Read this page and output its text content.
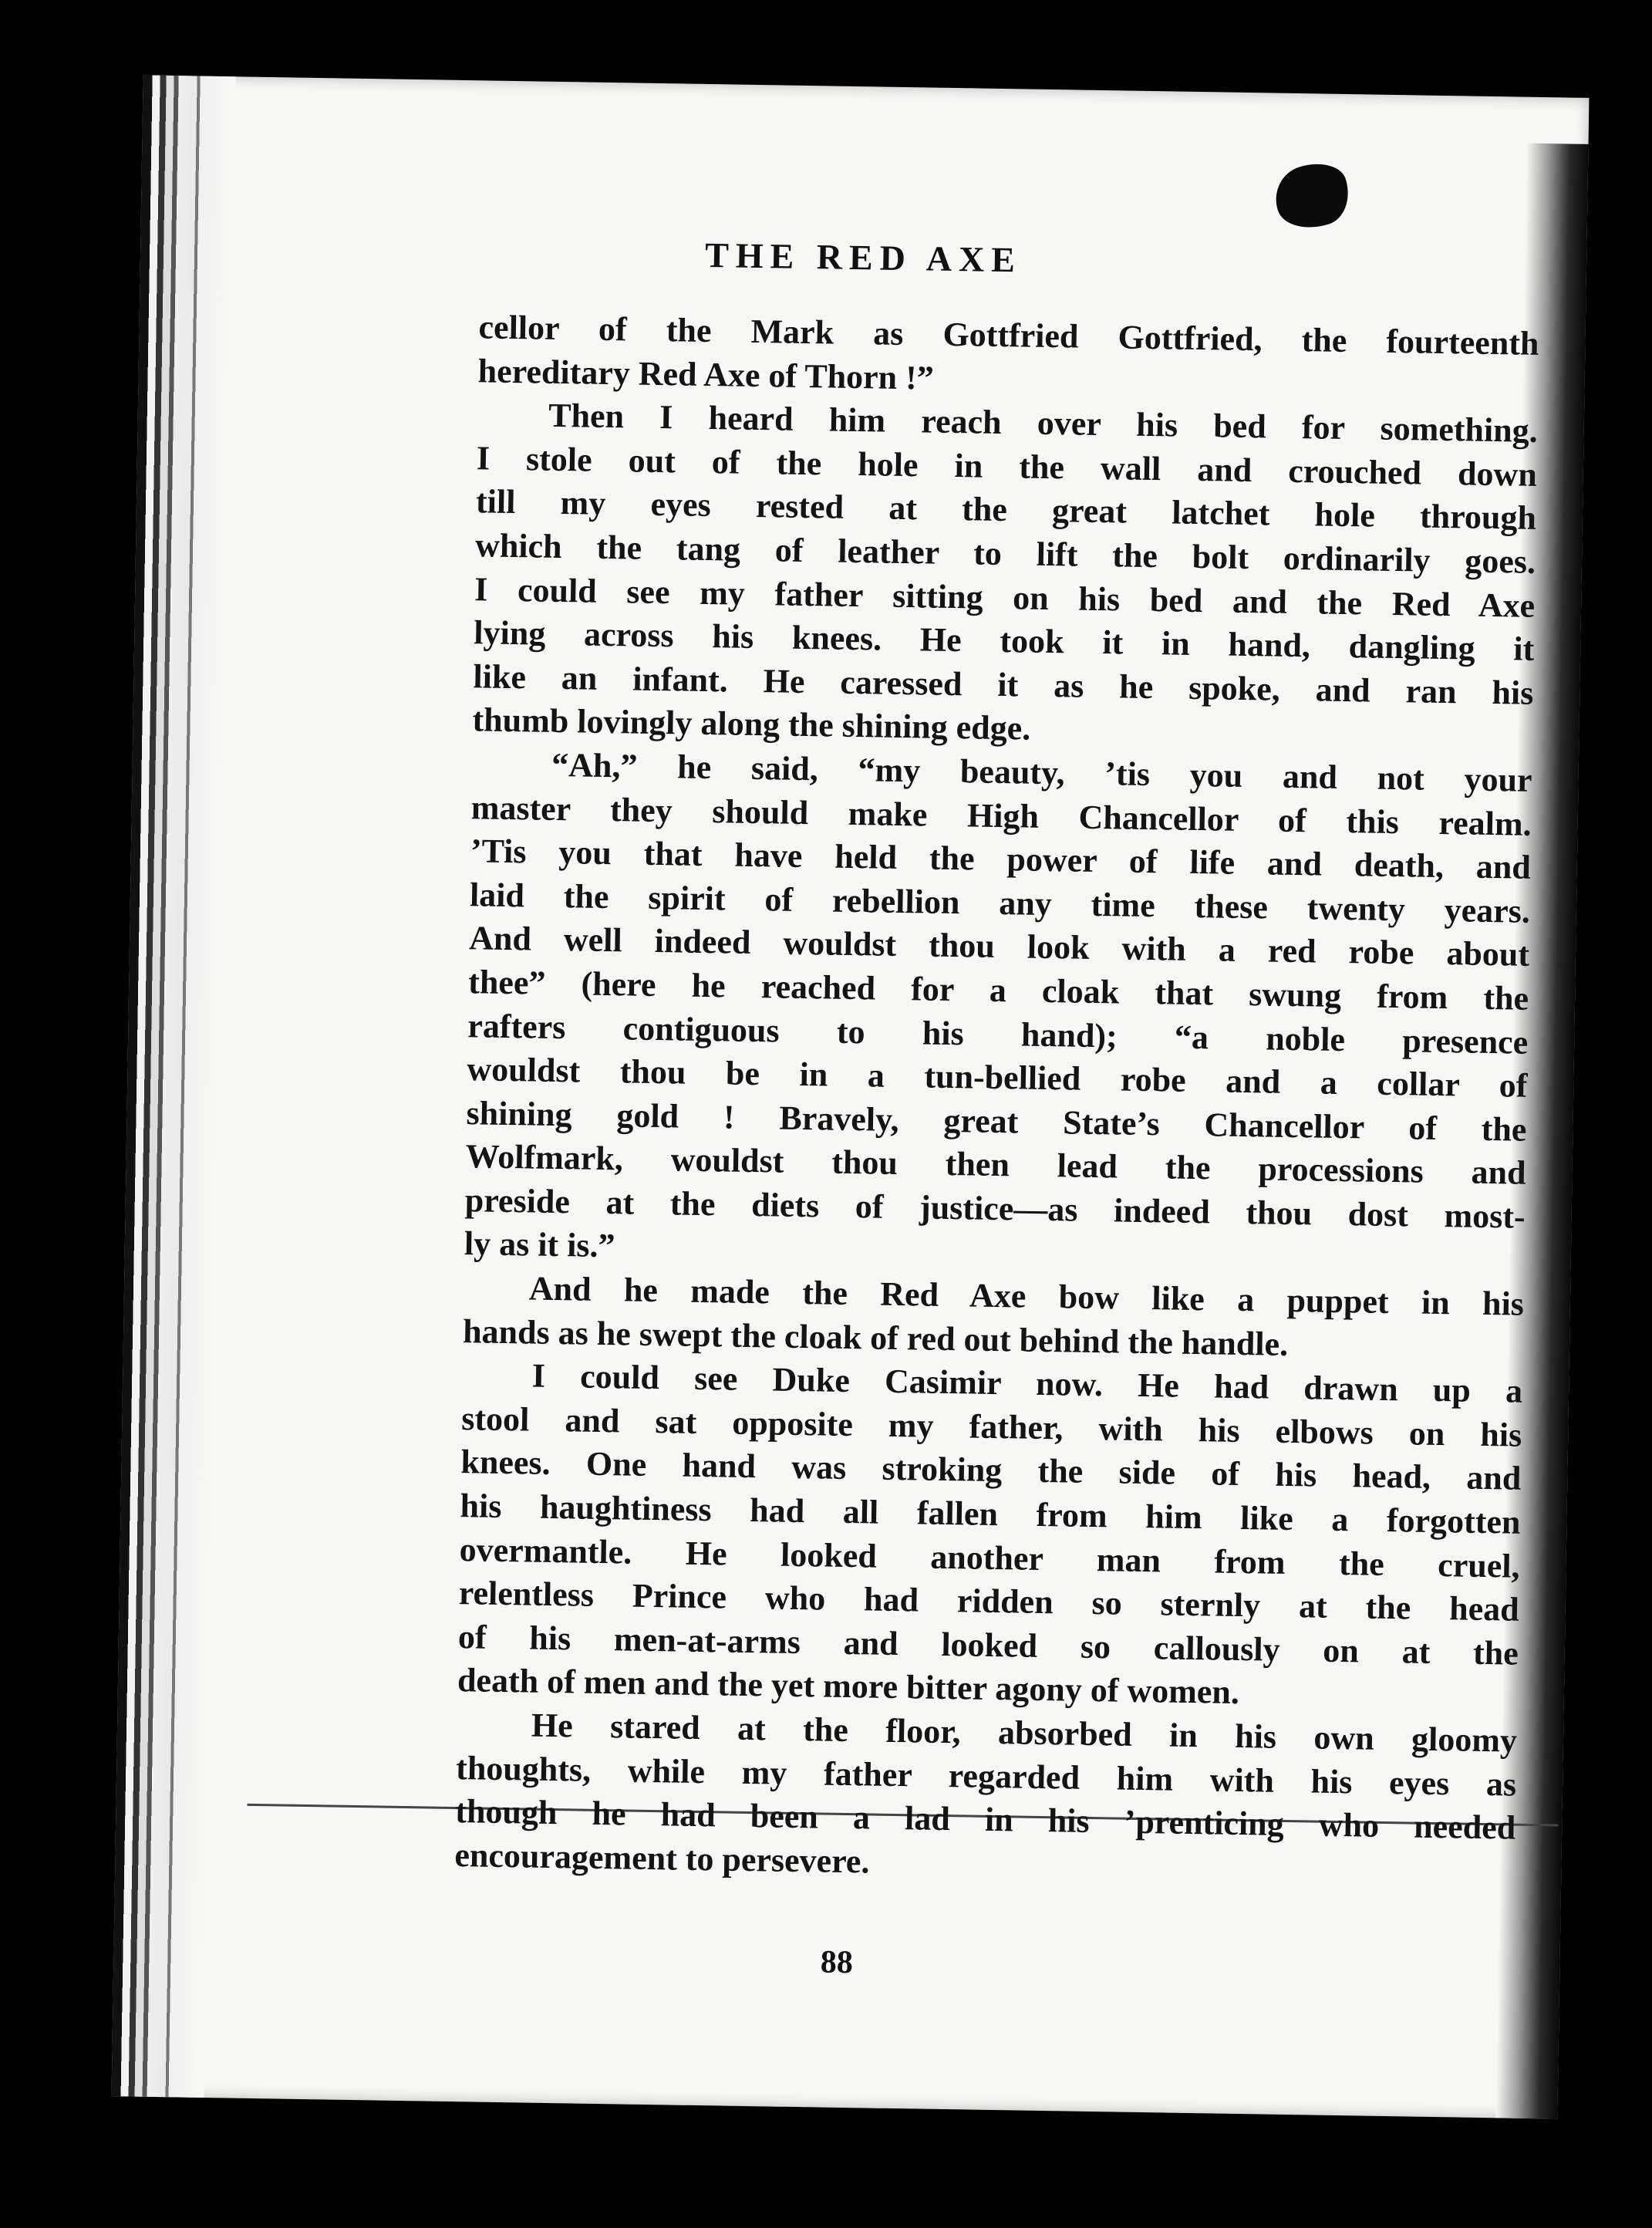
THE RED AXE
cellor of the Mark as Gottfried Gottfried, the fourteenth
hereditary Red Axe of Thorn !”
Then I heard him reach over his bed for something.
I stole out of the hole in the wall and crouched down
till my eyes rested at the great latchet hole through
which the tang of leather to lift the bolt ordinarily goes.
I could see my father sitting on his bed and the Red Axe
lying across his knees. He took it in hand, dangling it
like an infant. He caressed it as he spoke, and ran his
thumb lovingly along the shining edge.
“Ah,” he said, “my beauty, ’tis you and not your
master they should make High Chancellor of this realm.
’Tis you that have held the power of life and death, and
laid the spirit of rebellion any time these twenty years.
And well indeed wouldst thou look with a red robe about
thee” (here he reached for a cloak that swung from the
rafters contiguous to his hand); “a noble presence
wouldst thou be in a tun-bellied robe and a collar of
shining gold ! Bravely, great State’s Chancellor of the
Wolfmark, wouldst thou then lead the processions and
preside at the diets of justice—as indeed thou dost most-
ly as it is.”
And he made the Red Axe bow like a puppet in his
hands as he swept the cloak of red out behind the handle.
I could see Duke Casimir now. He had drawn up a
stool and sat opposite my father, with his elbows on his
knees. One hand was stroking the side of his head, and
his haughtiness had all fallen from him like a forgotten
overmantle. He looked another man from the cruel,
relentless Prince who had ridden so sternly at the head
of his men-at-arms and looked so callously on at the
death of men and the yet more bitter agony of women.
He stared at the floor, absorbed in his own gloomy
thoughts, while my father regarded him with his eyes as
though he had been a lad in his ’prenticing who needed
encouragement to persevere.
88
